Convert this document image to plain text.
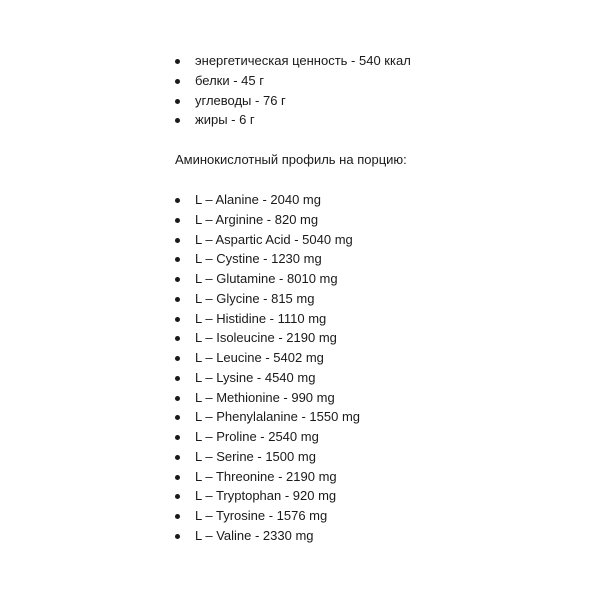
энергетическая ценность - 540 ккал
белки - 45 г
углеводы - 76 г
жиры - 6 г
Аминокислотный профиль на порцию:
L – Alanine - 2040 mg
L – Arginine - 820 mg
L – Aspartic Acid - 5040 mg
L – Cystine - 1230 mg
L – Glutamine - 8010 mg
L – Glycine - 815 mg
L – Histidine - 1110 mg
L – Isoleucine - 2190 mg
L – Leucine - 5402 mg
L – Lysine - 4540 mg
L – Methionine - 990 mg
L – Phenylalanine - 1550 mg
L – Proline - 2540 mg
L – Serine - 1500 mg
L – Threonine - 2190 mg
L – Tryptophan - 920 mg
L – Tyrosine - 1576 mg
L – Valine - 2330 mg
